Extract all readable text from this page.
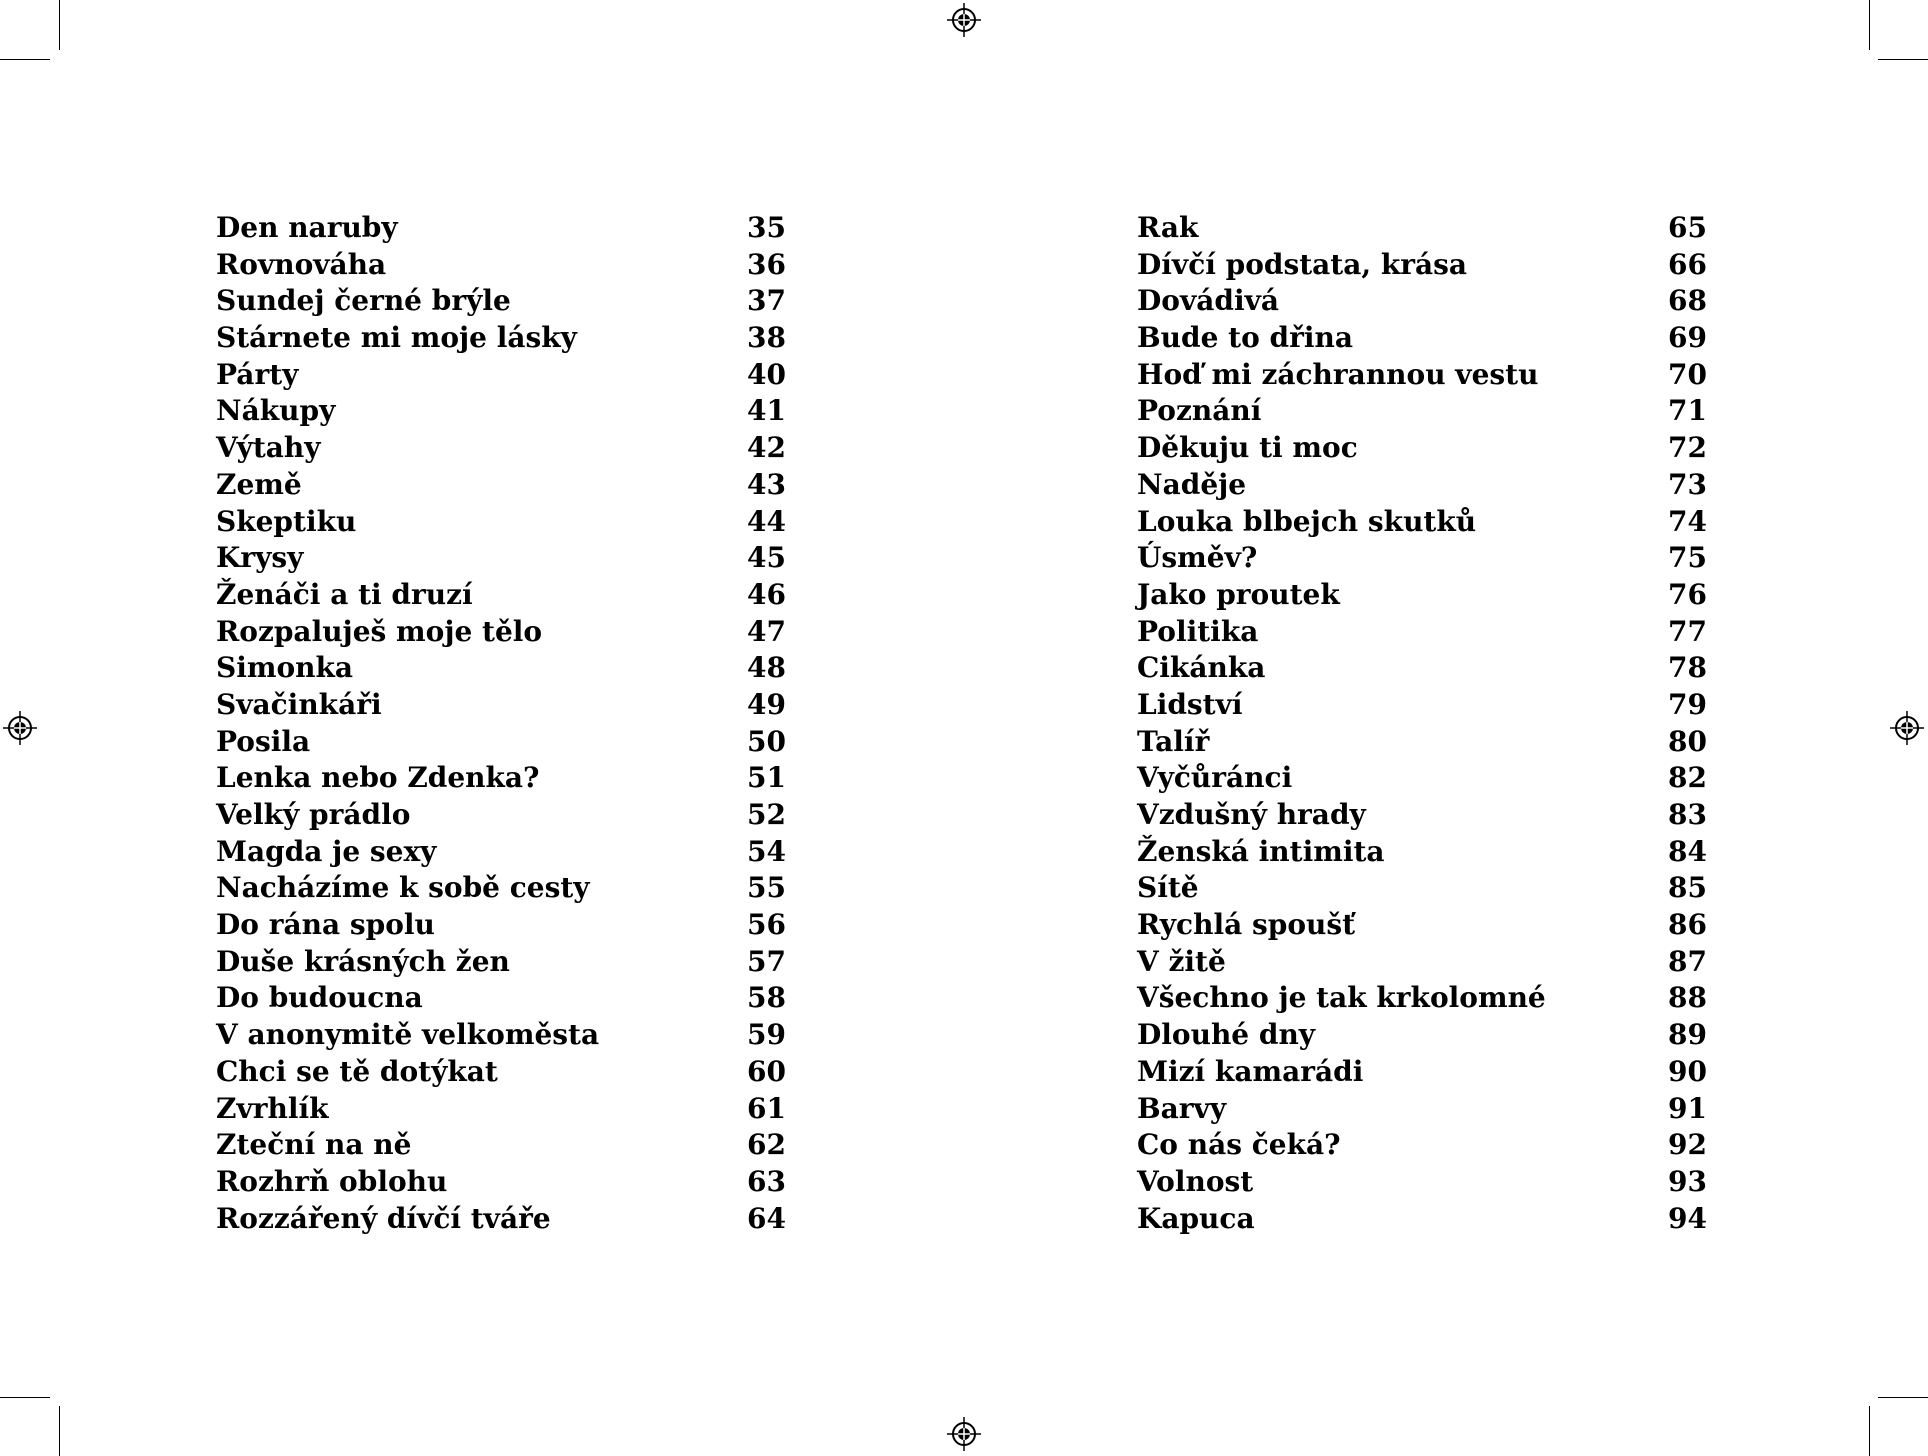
Den naruby	35
Rovnováha	36
Sundej černé brýle	37
Stárnete mi moje lásky	38
Párty	40
Nákupy	41
Výtahy	42
Země	43
Skeptiku	44
Krysy	45
Ženáči a ti druzí	46
Rozpaluješ moje tělo	47
Simonka	48
Svačinkáři	49
Posila	50
Lenka nebo Zdenka?	51
Velký prádlo	52
Magda je sexy	54
Nacházíme k sobě cesty	55
Do rána spolu	56
Duše krásných žen	57
Do budoucna	58
V anonymitě velkoměsta	59
Chci se tě dotýkat	60
Zvrhlík	61
Zteční na ně	62
Rozhrň oblohu	63
Rozzářený dívčí tváře	64
Rak	65
Dívčí podstata, krása	66
Dovádivá	68
Bude to dřina	69
Hoď mi záchrannou vestu	70
Poznání	71
Děkuju ti moc	72
Naděje	73
Louka blbejch skutků	74
Úsměv?	75
Jako proutek	76
Politika	77
Cikánka	78
Lidství	79
Talíř	80
Vyčůránci	82
Vzdušný hrady	83
Ženská intimita	84
Sítě	85
Rychlá spoušť	86
V žitě	87
Všechno je tak krkolomné	88
Dlouhé dny	89
Mizí kamarádi	90
Barvy	91
Co nás čeká?	92
Volnost	93
Kapuca	94
